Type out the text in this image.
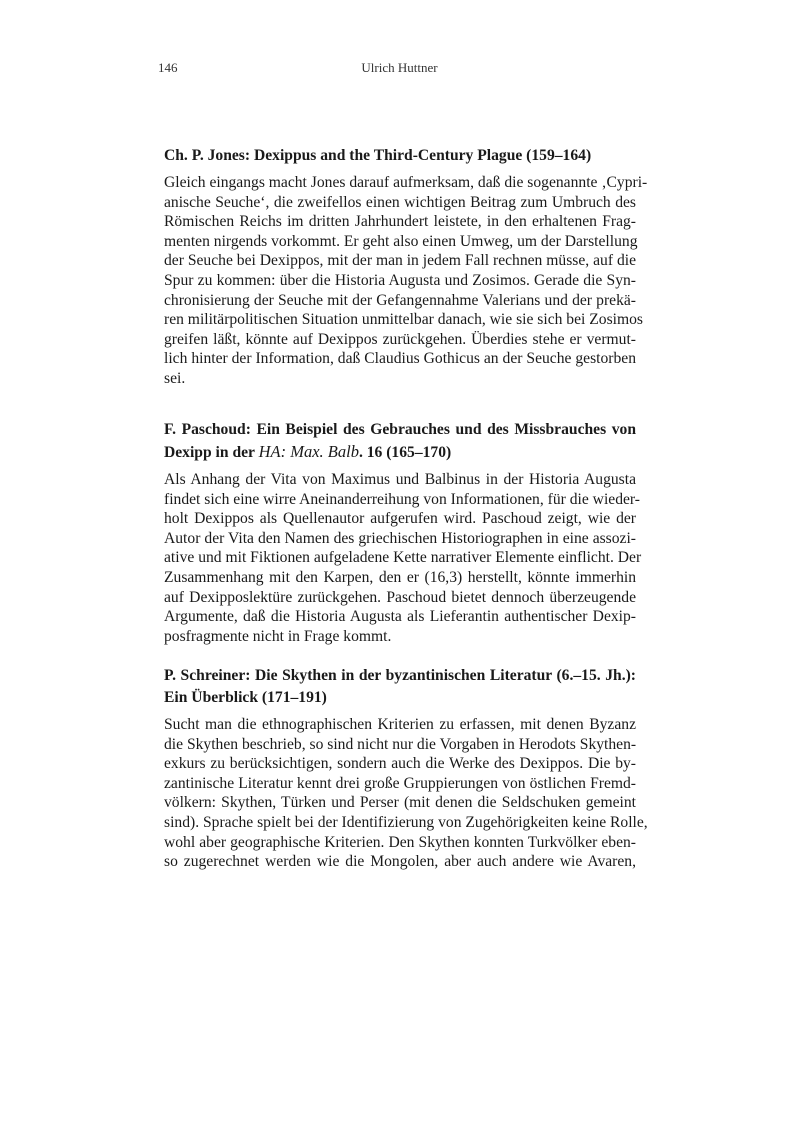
146	Ulrich Huttner
Ch. P. Jones: Dexippus and the Third-Century Plague (159–164)
Gleich eingangs macht Jones darauf aufmerksam, daß die sogenannte ‚Cypri-
anische Seuche‘, die zweifellos einen wichtigen Beitrag zum Umbruch des
Römischen Reichs im dritten Jahrhundert leistete, in den erhaltenen Frag-
menten nirgends vorkommt. Er geht also einen Umweg, um der Darstellung
der Seuche bei Dexippos, mit der man in jedem Fall rechnen müsse, auf die
Spur zu kommen: über die Historia Augusta und Zosimos. Gerade die Syn-
chronisierung der Seuche mit der Gefangennahme Valerians und der prekä-
ren militärpolitischen Situation unmittelbar danach, wie sie sich bei Zosimos
greifen läßt, könnte auf Dexippos zurückgehen. Überdies stehe er vermut-
lich hinter der Information, daß Claudius Gothicus an der Seuche gestorben
sei.
F. Paschoud: Ein Beispiel des Gebrauches und des Missbrauches von
Dexipp in der HA: Max. Balb. 16 (165–170)
Als Anhang der Vita von Maximus und Balbinus in der Historia Augusta
findet sich eine wirre Aneinanderreihung von Informationen, für die wieder-
holt Dexippos als Quellenautor aufgerufen wird. Paschoud zeigt, wie der
Autor der Vita den Namen des griechischen Historiographen in eine assozi-
ative und mit Fiktionen aufgeladene Kette narrativer Elemente einflicht. Der
Zusammenhang mit den Karpen, den er (16,3) herstellt, könnte immerhin
auf Dexipposlektüre zurückgehen. Paschoud bietet dennoch überzeugende
Argumente, daß die Historia Augusta als Lieferantin authentischer Dexip-
posfragmente nicht in Frage kommt.
P. Schreiner: Die Skythen in der byzantinischen Literatur (6.–15. Jh.):
Ein Überblick (171–191)
Sucht man die ethnographischen Kriterien zu erfassen, mit denen Byzanz
die Skythen beschrieb, so sind nicht nur die Vorgaben in Herodots Skythen-
exkurs zu berücksichtigen, sondern auch die Werke des Dexippos. Die by-
zantinische Literatur kennt drei große Gruppierungen von östlichen Fremd-
völkern: Skythen, Türken und Perser (mit denen die Seldschuken gemeint
sind). Sprache spielt bei der Identifizierung von Zugehörigkeiten keine Rolle,
wohl aber geographische Kriterien. Den Skythen konnten Turkvölker eben-
so zugerechnet werden wie die Mongolen, aber auch andere wie Avaren,
